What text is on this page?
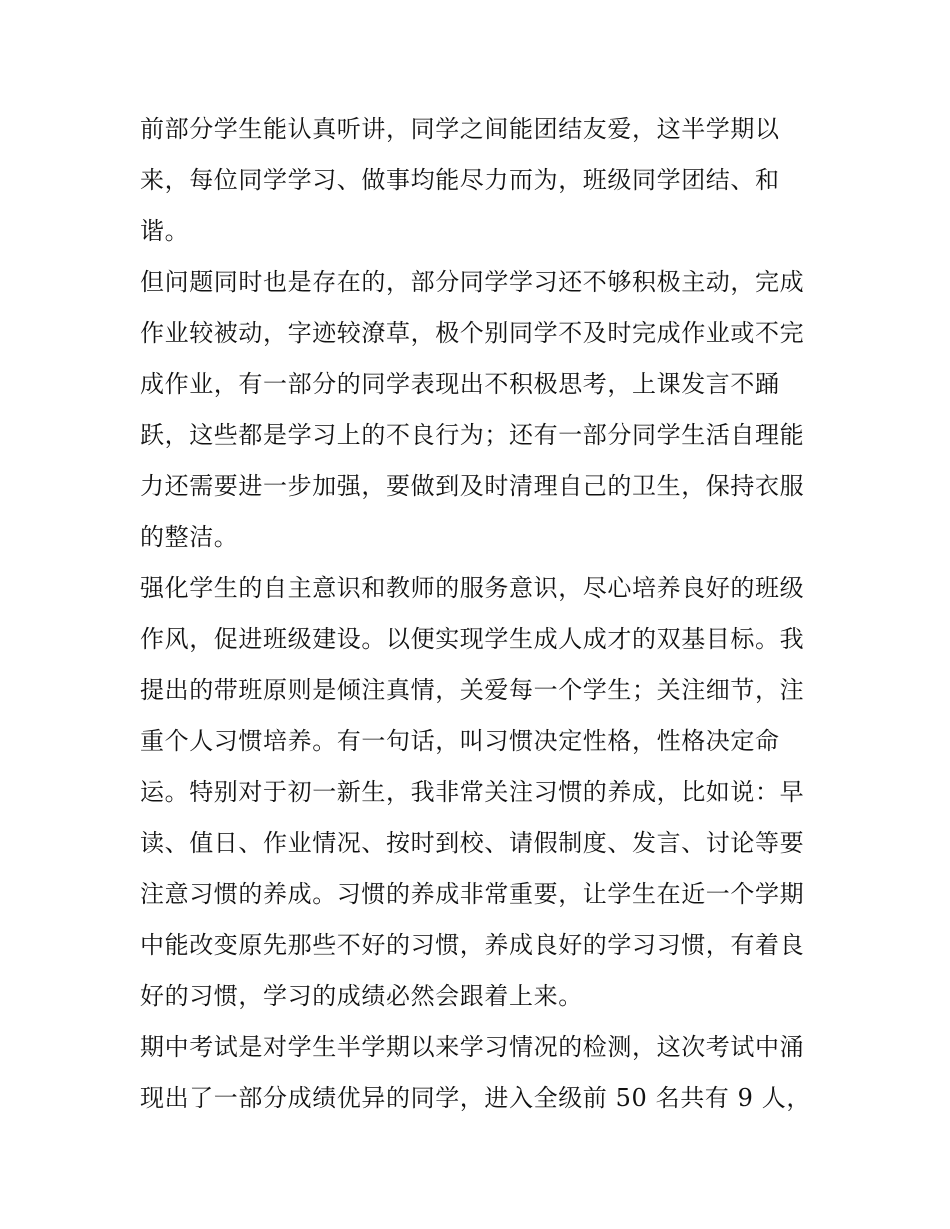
前部分学生能认真听讲，同学之间能团结友爱，这半学期以
来，每位同学学习、做事均能尽力而为，班级同学团结、和
谐。
但问题同时也是存在的，部分同学学习还不够积极主动，完成
作业较被动，字迹较潦草，极个别同学不及时完成作业或不完
成作业，有一部分的同学表现出不积极思考，上课发言不踊
跃，这些都是学习上的不良行为；还有一部分同学生活自理能
力还需要进一步加强，要做到及时清理自己的卫生，保持衣服
的整洁。
强化学生的自主意识和教师的服务意识，尽心培养良好的班级
作风，促进班级建设。以便实现学生成人成才的双基目标。我
提出的带班原则是倾注真情，关爱每一个学生；关注细节，注
重个人习惯培养。有一句话，叫习惯决定性格，性格决定命
运。特别对于初一新生，我非常关注习惯的养成，比如说：早
读、值日、作业情况、按时到校、请假制度、发言、讨论等要
注意习惯的养成。习惯的养成非常重要，让学生在近一个学期
中能改变原先那些不好的习惯，养成良好的学习习惯，有着良
好的习惯，学习的成绩必然会跟着上来。
期中考试是对学生半学期以来学习情况的检测，这次考试中涌
现出了一部分成绩优异的同学，进入全级前 50 名共有 9 人，
